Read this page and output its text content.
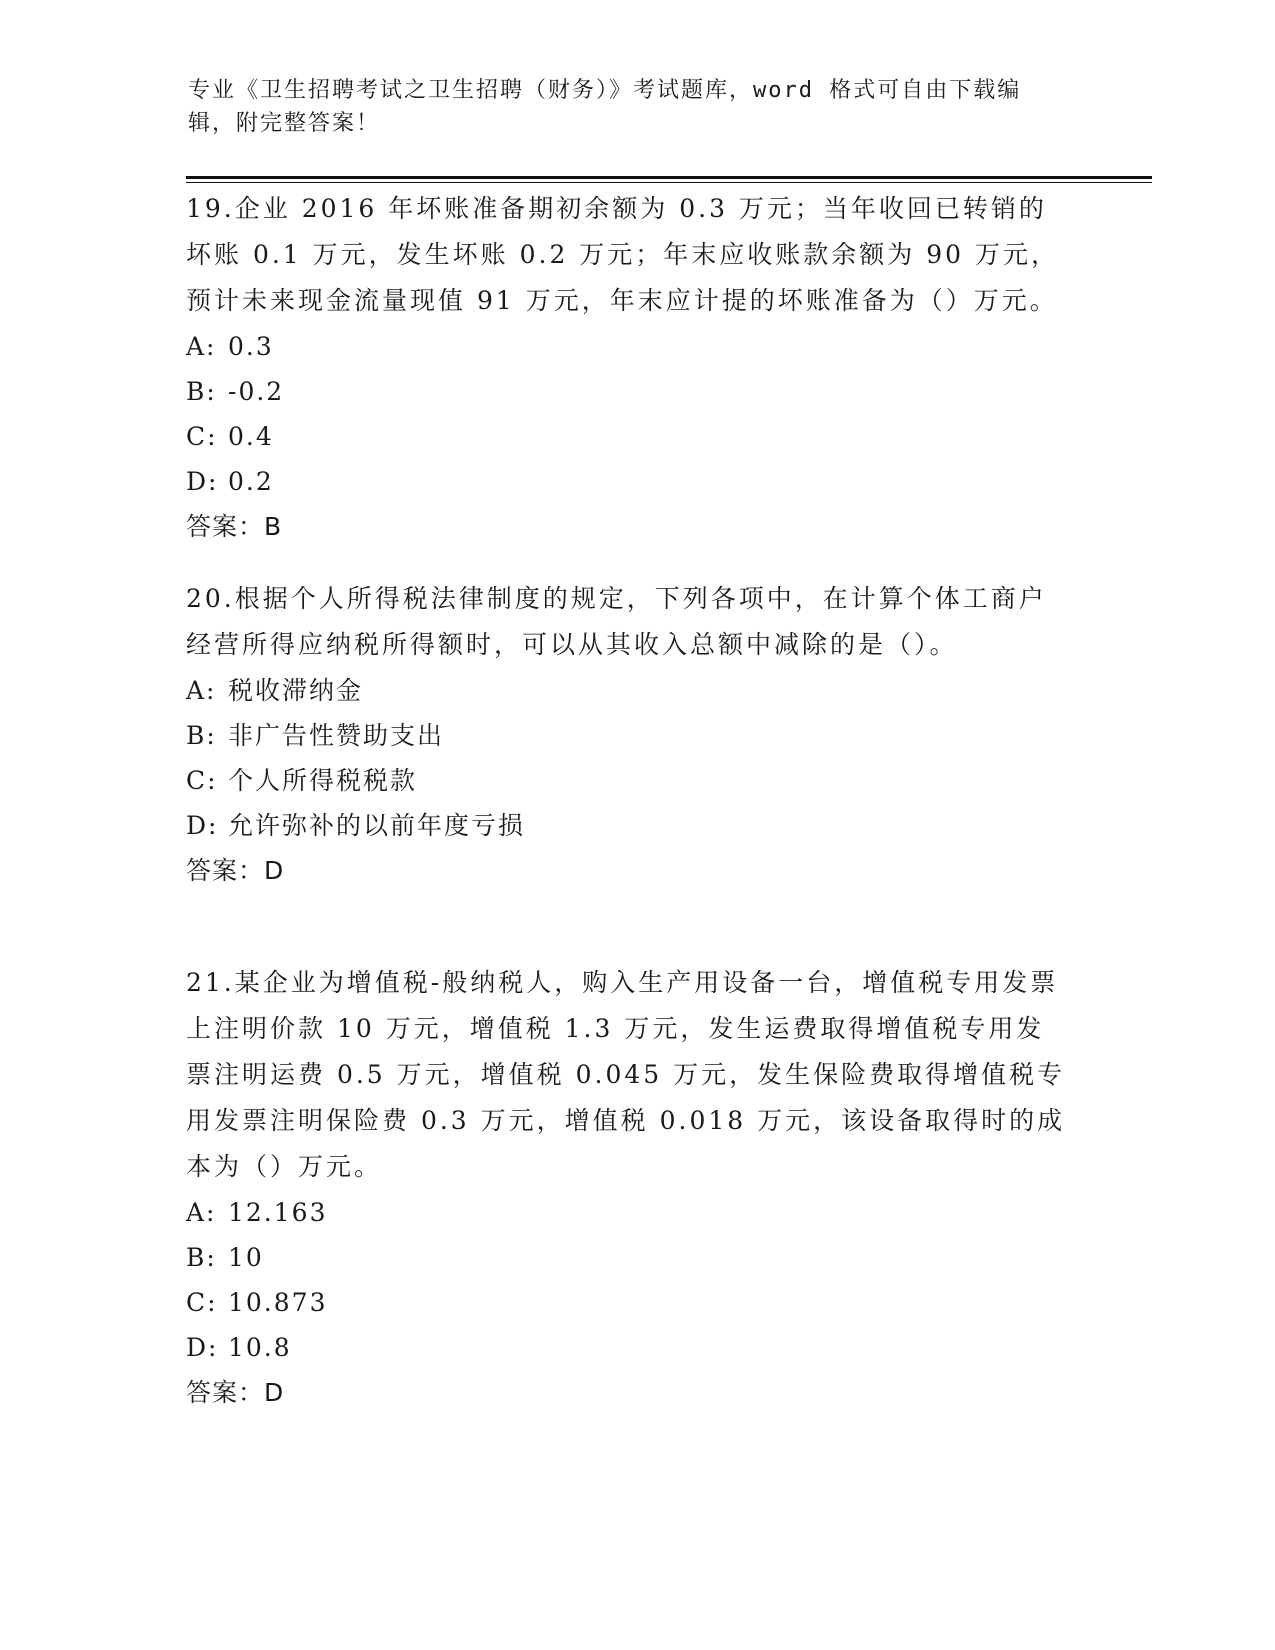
专业《卫生招聘考试之卫生招聘（财务）》考试题库，word 格式可自由下载编辑，附完整答案！

19.企业 2016 年坏账准备期初余额为 0.3 万元；当年收回已转销的坏账 0.1 万元，发生坏账 0.2 万元；年末应收账款余额为 90 万元，预计未来现金流量现值 91 万元，年末应计提的坏账准备为（）万元。

A: 0.3
B: -0.2
C: 0.4
D: 0.2
答案：B

20.根据个人所得税法律制度的规定，下列各项中，在计算个体工商户经营所得应纳税所得额时，可以从其收入总额中减除的是（）。

A: 税收滞纳金
B: 非广告性赞助支出
C: 个人所得税税款
D: 允许弥补的以前年度亏损
答案：D

21.某企业为增值税-般纳税人，购入生产用设备一台，增值税专用发票上注明价款 10 万元，增值税 1.3 万元，发生运费取得增值税专用发票注明运费 0.5 万元，增值税 0.045 万元，发生保险费取得增值税专用发票注明保险费 0.3 万元，增值税 0.018 万元，该设备取得时的成本为（）万元。

A: 12.163
B: 10
C: 10.873
D: 10.8
答案：D
